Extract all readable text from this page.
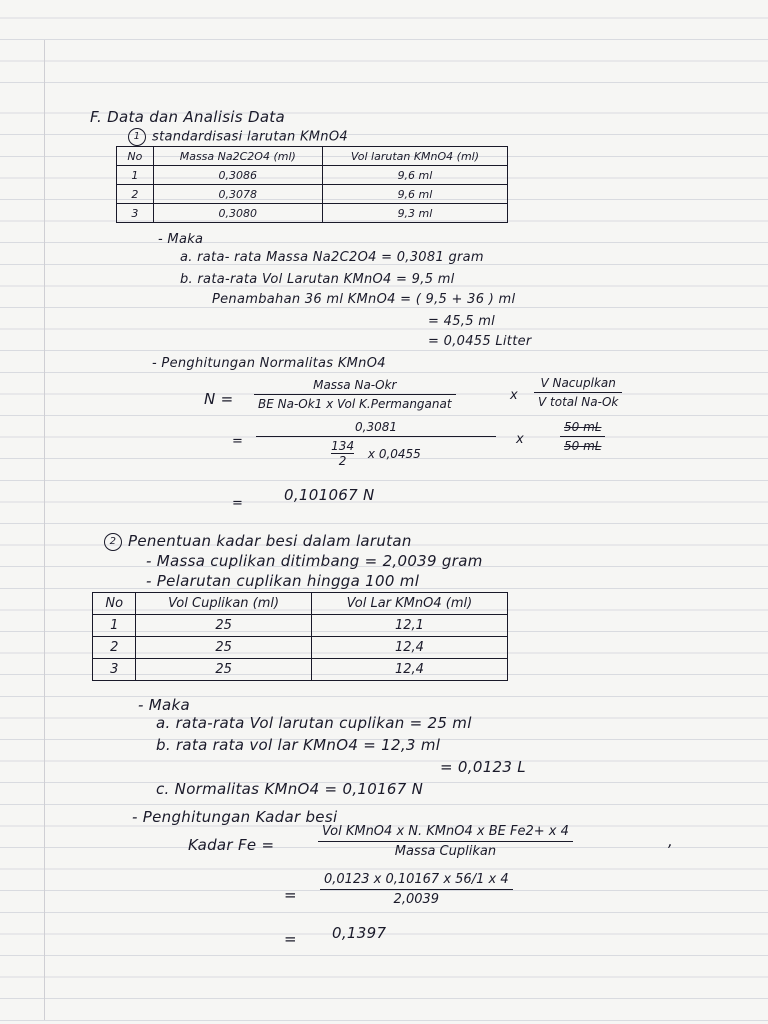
F. Data dan Analisis Data
1 standardisasi larutan KMnO4
No	Massa Na2C2O4 (ml)	Vol larutan KMnO4 (ml)
1	0,3086	9,6 ml
2	0,3078	9,6 ml
3	0,3080	9,3 ml
- Maka
a. rata- rata Massa Na2C2O4 = 0,3081 gram
b. rata-rata Vol Larutan KMnO4 = 9,5 ml
Penambahan 36 ml KMnO4 = ( 9,5 + 36 ) ml
= 45,5 ml
= 0,0455 Litter
- Penghitungan Normalitas KMnO4
N =
Massa Na-Okr
BE Na-Ok1 x Vol K.Permanganat
x
V Nacuplkan
V total Na-Ok
= $\frac{0,3081}{\frac{134}{2} x 0,0455}$ x	$\frac{50 mL}{50 mL}$
=	0,101067 N
2 Penentuan kadar besi dalam larutan
- Massa cuplikan ditimbang = 2,0039 gram
- Pelarutan cuplikan hingga 100 ml
No	Vol Cuplikan (ml)	Vol Lar KMnO4 (ml)
1	25	12,1
2	25	12,4
3	25	12,4
- Maka
a. rata-rata Vol larutan cuplikan = 25 ml
b. rata rata vol lar KMnO4 = 12,3 ml
= 0,0123 L
c. Normalitas KMnO4 = 0,10167 N
- Penghitungan Kadar besi
Kadar Fe =
Vol KMnO4 x N. KMnO4 x BE Fe2+ x 4
Massa Cuplikan
,
= $\frac{0,0123 x 0,10167 x 56/1 x 4}{2,0039}$
= 0,1397
